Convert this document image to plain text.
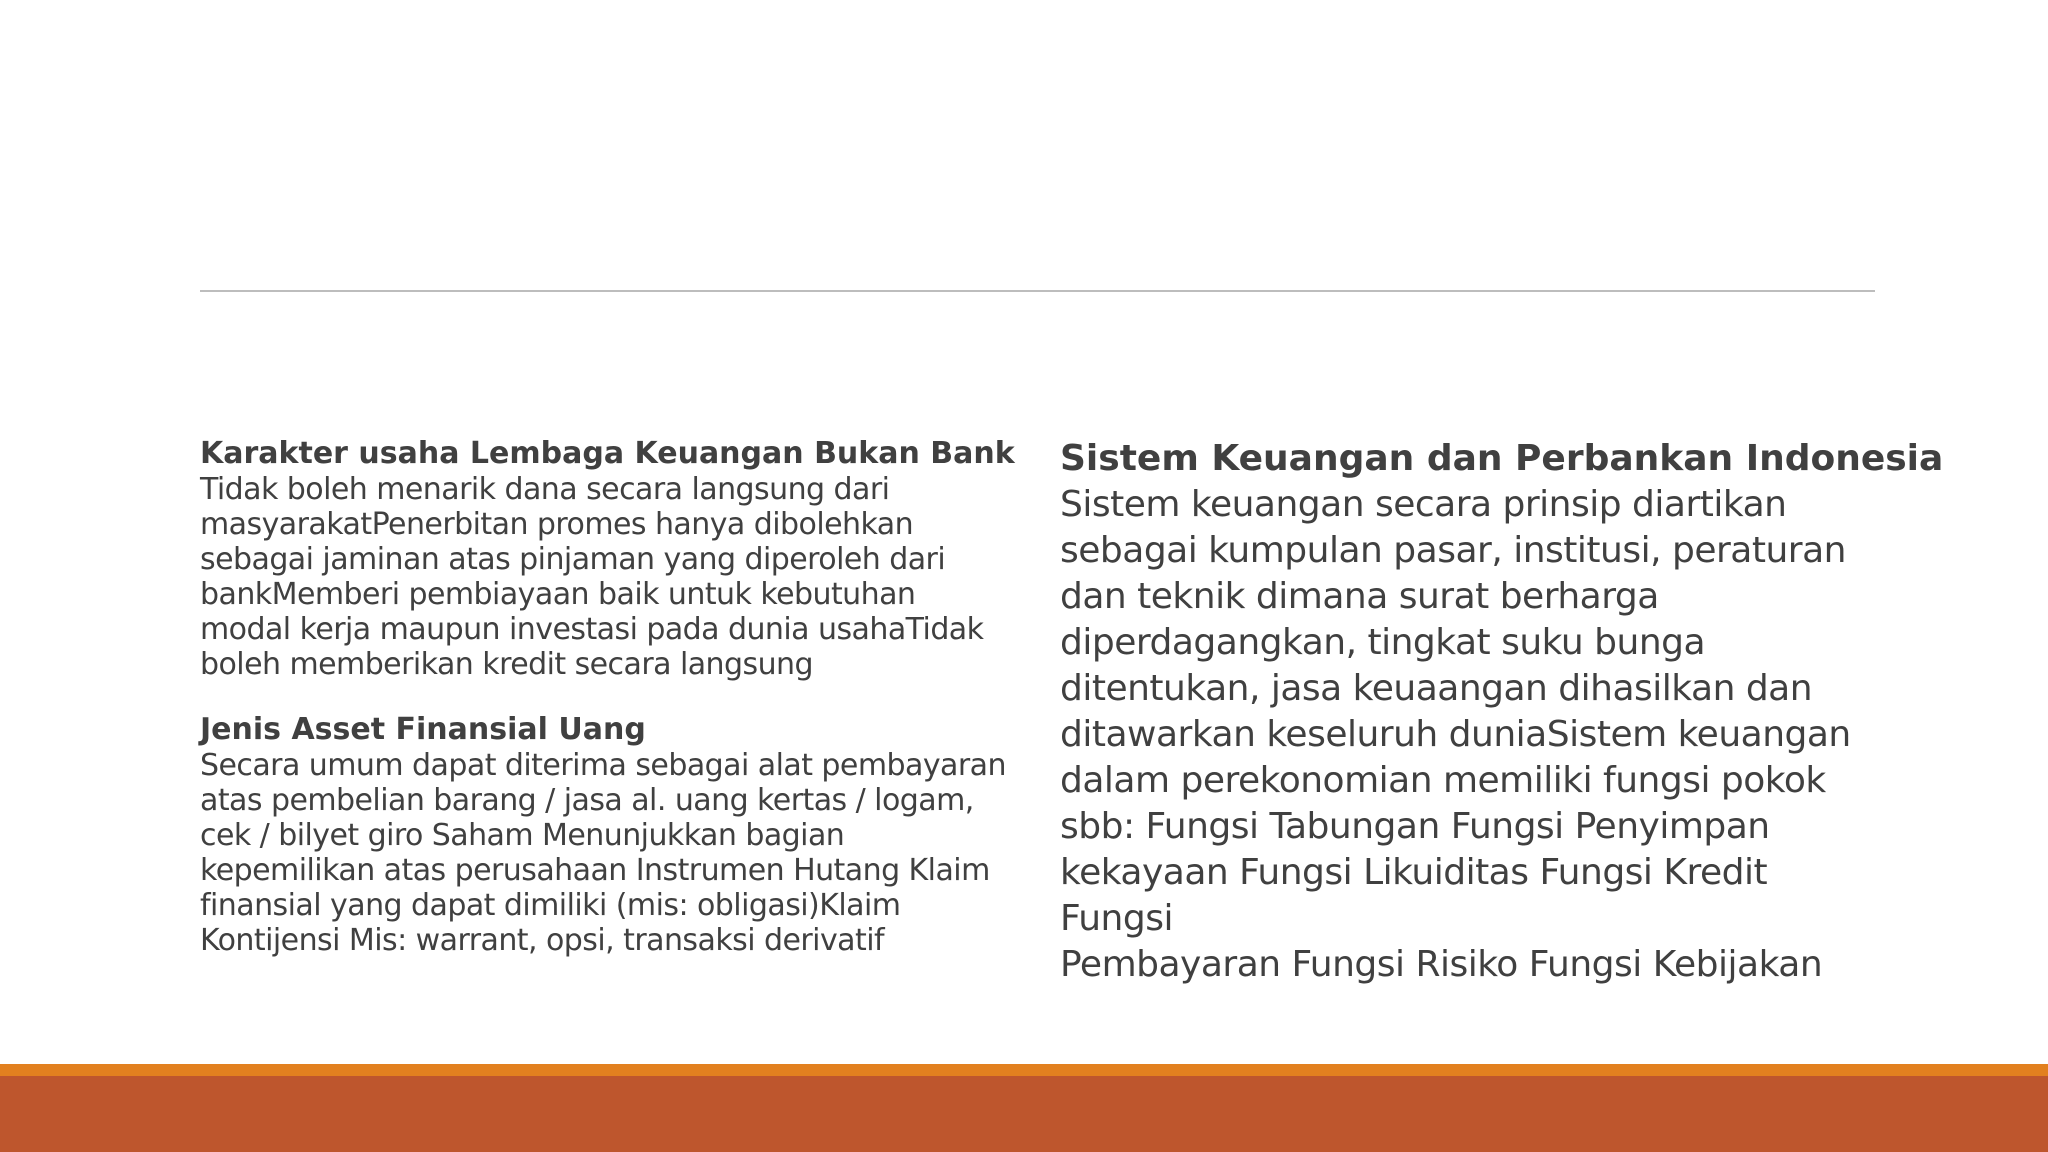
Karakter usaha Lembaga Keuangan Bukan Bank
Tidak boleh menarik dana secara langsung dari
masyarakatPenerbitan promes hanya dibolehkan
sebagai jaminan atas pinjaman yang diperoleh dari
bankMemberi pembiayaan baik untuk kebutuhan
modal kerja maupun investasi pada dunia usahaTidak
boleh memberikan kredit secara langsung
Jenis Asset Finansial Uang
Secara umum dapat diterima sebagai alat pembayaran
atas pembelian barang / jasa al. uang kertas / logam,
cek / bilyet giro Saham Menunjukkan bagian
kepemilikan atas perusahaan Instrumen Hutang Klaim
finansial yang dapat dimiliki (mis: obligasi)Klaim
Kontijensi Mis: warrant, opsi, transaksi derivatif
Sistem Keuangan dan Perbankan Indonesia
Sistem keuangan secara prinsip diartikan
sebagai kumpulan pasar, institusi, peraturan
dan teknik dimana surat berharga
diperdagangkan, tingkat suku bunga
ditentukan, jasa keuaangan dihasilkan dan
ditawarkan keseluruh duniaSistem keuangan
dalam perekonomian memiliki fungsi pokok
sbb: Fungsi Tabungan Fungsi Penyimpan
kekayaan Fungsi Likuiditas Fungsi Kredit Fungsi
Pembayaran Fungsi Risiko Fungsi Kebijakan
